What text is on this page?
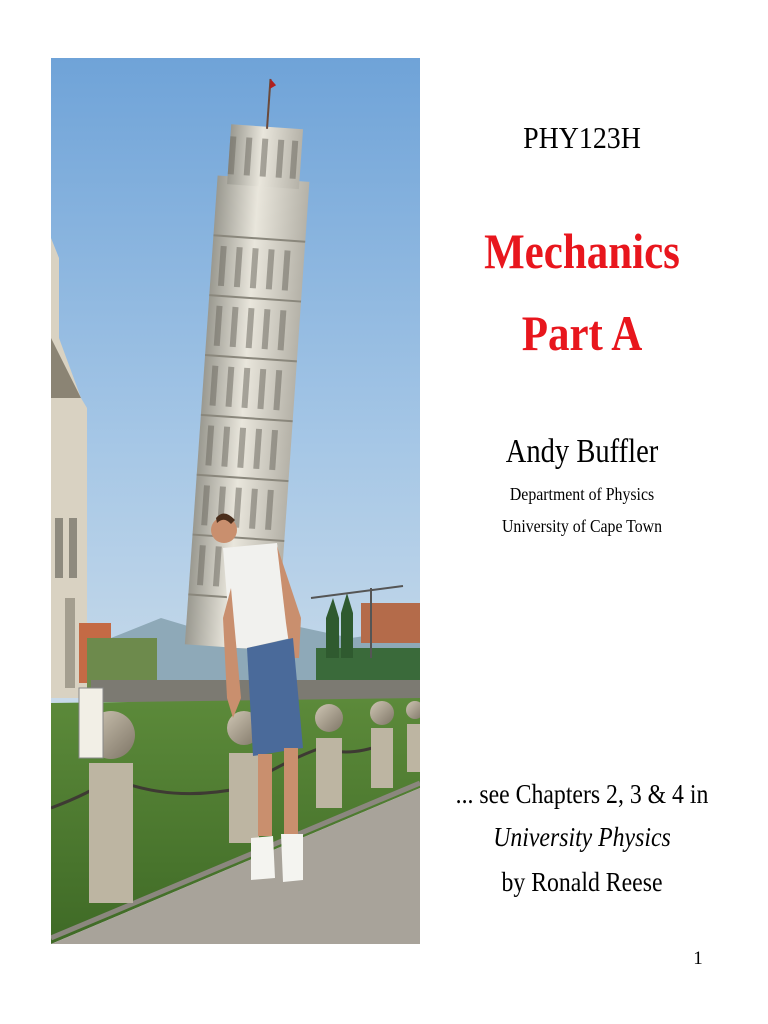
PHY123H

Mechanics

Part A

Andy Buffler

Department of Physics

University of Cape Town

... see Chapters 2, 3 & 4 in

University Physics

by Ronald Reese

1
